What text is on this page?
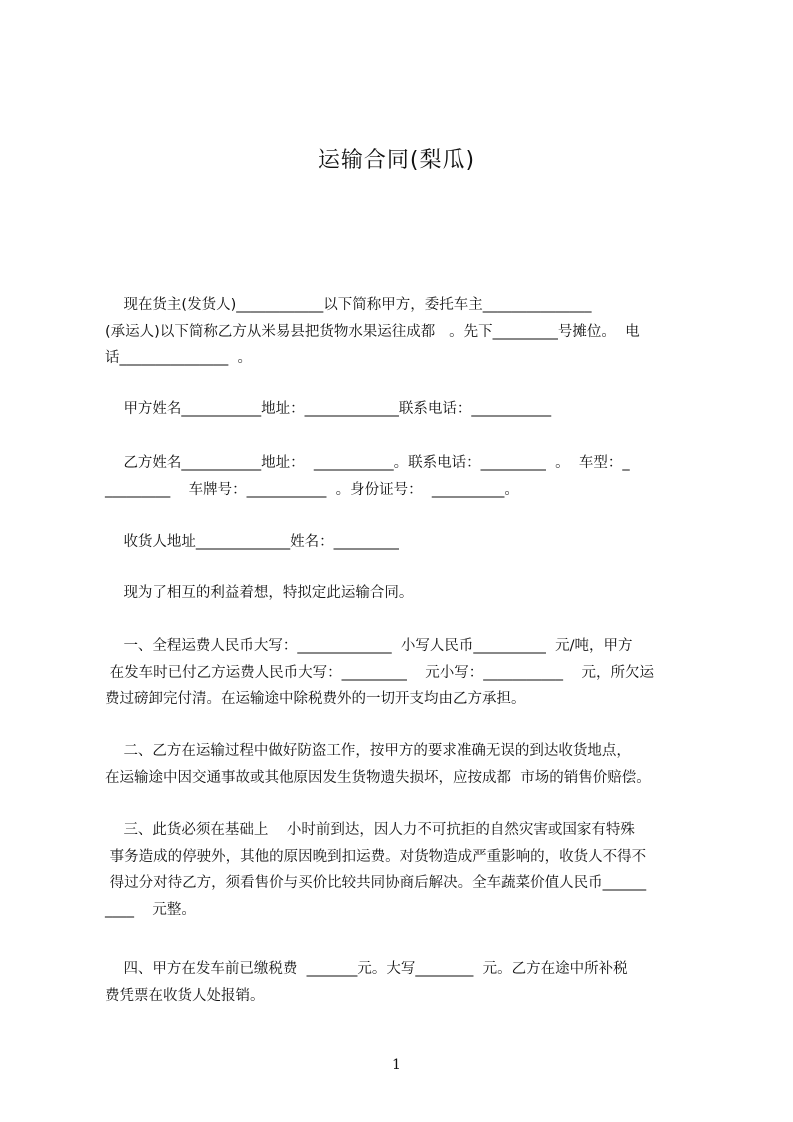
运输合同(梨瓜)
现在货主(发货人)____________以下简称甲方，委托车主_______________
(承运人)以下简称乙方从米易县把货物水果运往成都   。先下_________号摊位。  电
话_______________  。
甲方姓名___________地址：_____________联系电话：___________
乙方姓名___________地址：  ___________。联系电话：_________  。  车型：_
_________    车牌号：___________  。身份证号：  __________。
收货人地址_____________姓名：_________
现为了相互的利益着想，特拟定此运输合同。
一、全程运费人民币大写：_____________  小写人民币__________  元/吨，甲方
在发车时已付乙方运费人民币大写：_________    元小写：___________    元，所欠运
费过磅卸完付清。在运输途中除税费外的一切开支均由乙方承担。
二、乙方在运输过程中做好防盗工作，按甲方的要求准确无误的到达收货地点，
在运输途中因交通事故或其他原因发生货物遗失损坏，应按成都  市场的销售价赔偿。
三、此货必须在基础上    小时前到达，因人力不可抗拒的自然灾害或国家有特殊
事务造成的停驶外，其他的原因晚到扣运费。对货物造成严重影响的，收货人不得不
得过分对待乙方，须看售价与买价比较共同协商后解决。全车蔬菜价值人民币______
____    元整。
四、甲方在发车前已缴税费  _______元。大写________  元。乙方在途中所补税
费凭票在收货人处报销。
1
